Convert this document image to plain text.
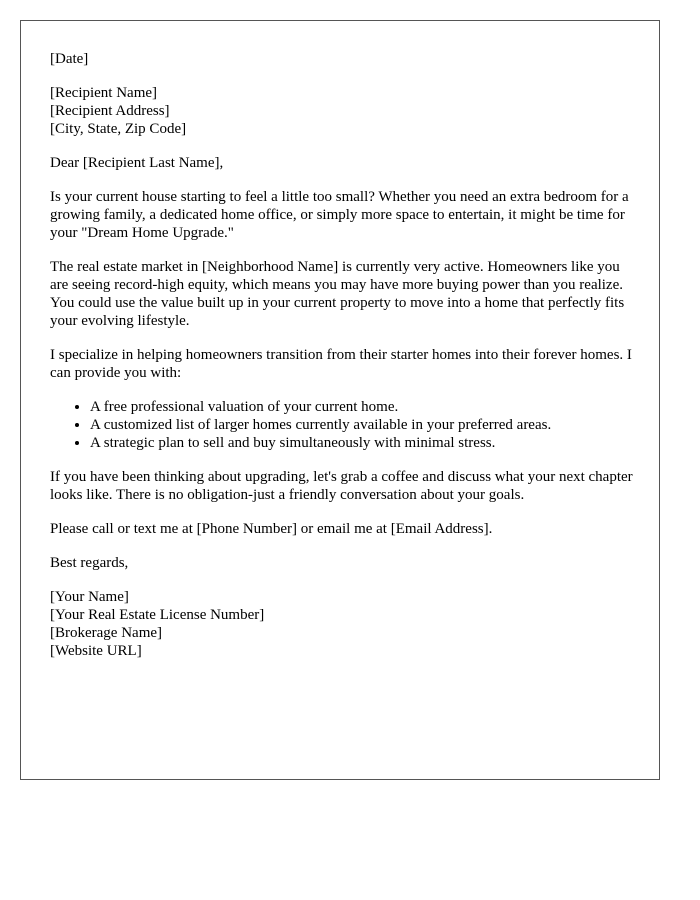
[Date]
[Recipient Name]
[Recipient Address]
[City, State, Zip Code]

Dear [Recipient Last Name],

Is your current house starting to feel a little too small? Whether you need an extra bedroom for a growing family, a dedicated home office, or simply more space to entertain, it might be time for your "Dream Home Upgrade."

The real estate market in [Neighborhood Name] is currently very active. Homeowners like you are seeing record-high equity, which means you may have more buying power than you realize. You could use the value built up in your current property to move into a home that perfectly fits your evolving lifestyle.

I specialize in helping homeowners transition from their starter homes into their forever homes. I can provide you with:

• A free professional valuation of your current home.
• A customized list of larger homes currently available in your preferred areas.
• A strategic plan to sell and buy simultaneously with minimal stress.

If you have been thinking about upgrading, let's grab a coffee and discuss what your next chapter looks like. There is no obligation-just a friendly conversation about your goals.

Please call or text me at [Phone Number] or email me at [Email Address].

Best regards,

[Your Name]
[Your Real Estate License Number]
[Brokerage Name]
[Website URL]
